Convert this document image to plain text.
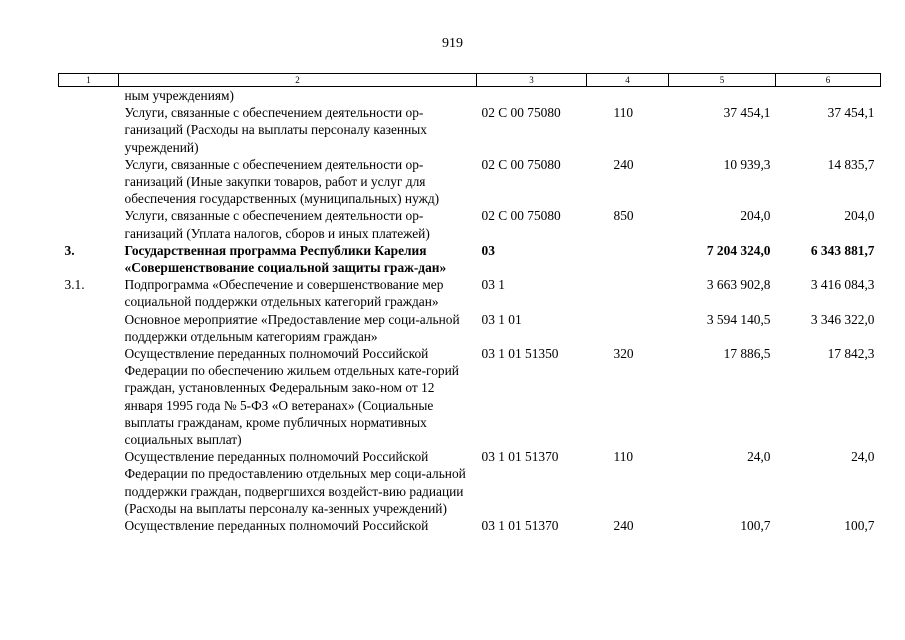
919
1	2	3	4	5	6
	ным учреждениям)				
	Услуги, связанные с обеспечением деятельности ор-ганизаций (Расходы на выплаты персоналу казенных учреждений)	02 С 00 75080	110	37 454,1	37 454,1
	Услуги, связанные с обеспечением деятельности ор-ганизаций (Иные закупки товаров, работ и услуг для обеспечения государственных (муниципальных) нужд)	02 С 00 75080	240	10 939,3	14 835,7
	Услуги, связанные с обеспечением деятельности ор-ганизаций (Уплата налогов, сборов и иных платежей)	02 С 00 75080	850	204,0	204,0
3.	Государственная программа Республики Карелия «Совершенствование социальной защиты граж-дан»	03		7 204 324,0	6 343 881,7
3.1.	Подпрограмма «Обеспечение и совершенствование мер социальной поддержки отдельных категорий граждан»	03 1		3 663 902,8	3 416 084,3
	Основное мероприятие «Предоставление мер соци-альной поддержки отдельным категориям граждан»	03 1 01		3 594 140,5	3 346 322,0
	Осуществление переданных полномочий Российской Федерации по обеспечению жильем отдельных кате-горий граждан, установленных Федеральным зако-ном от 12 января 1995 года № 5-ФЗ «О ветеранах» (Социальные выплаты гражданам, кроме публичных нормативных социальных выплат)	03 1 01 51350	320	17 886,5	17 842,3
	Осуществление переданных полномочий Российской Федерации по предоставлению отдельных мер соци-альной поддержки граждан, подвергшихся воздейст-вию радиации (Расходы на выплаты персоналу ка-зенных учреждений)	03 1 01 51370	110	24,0	24,0
	Осуществление переданных полномочий Российской	03 1 01 51370	240	100,7	100,7
